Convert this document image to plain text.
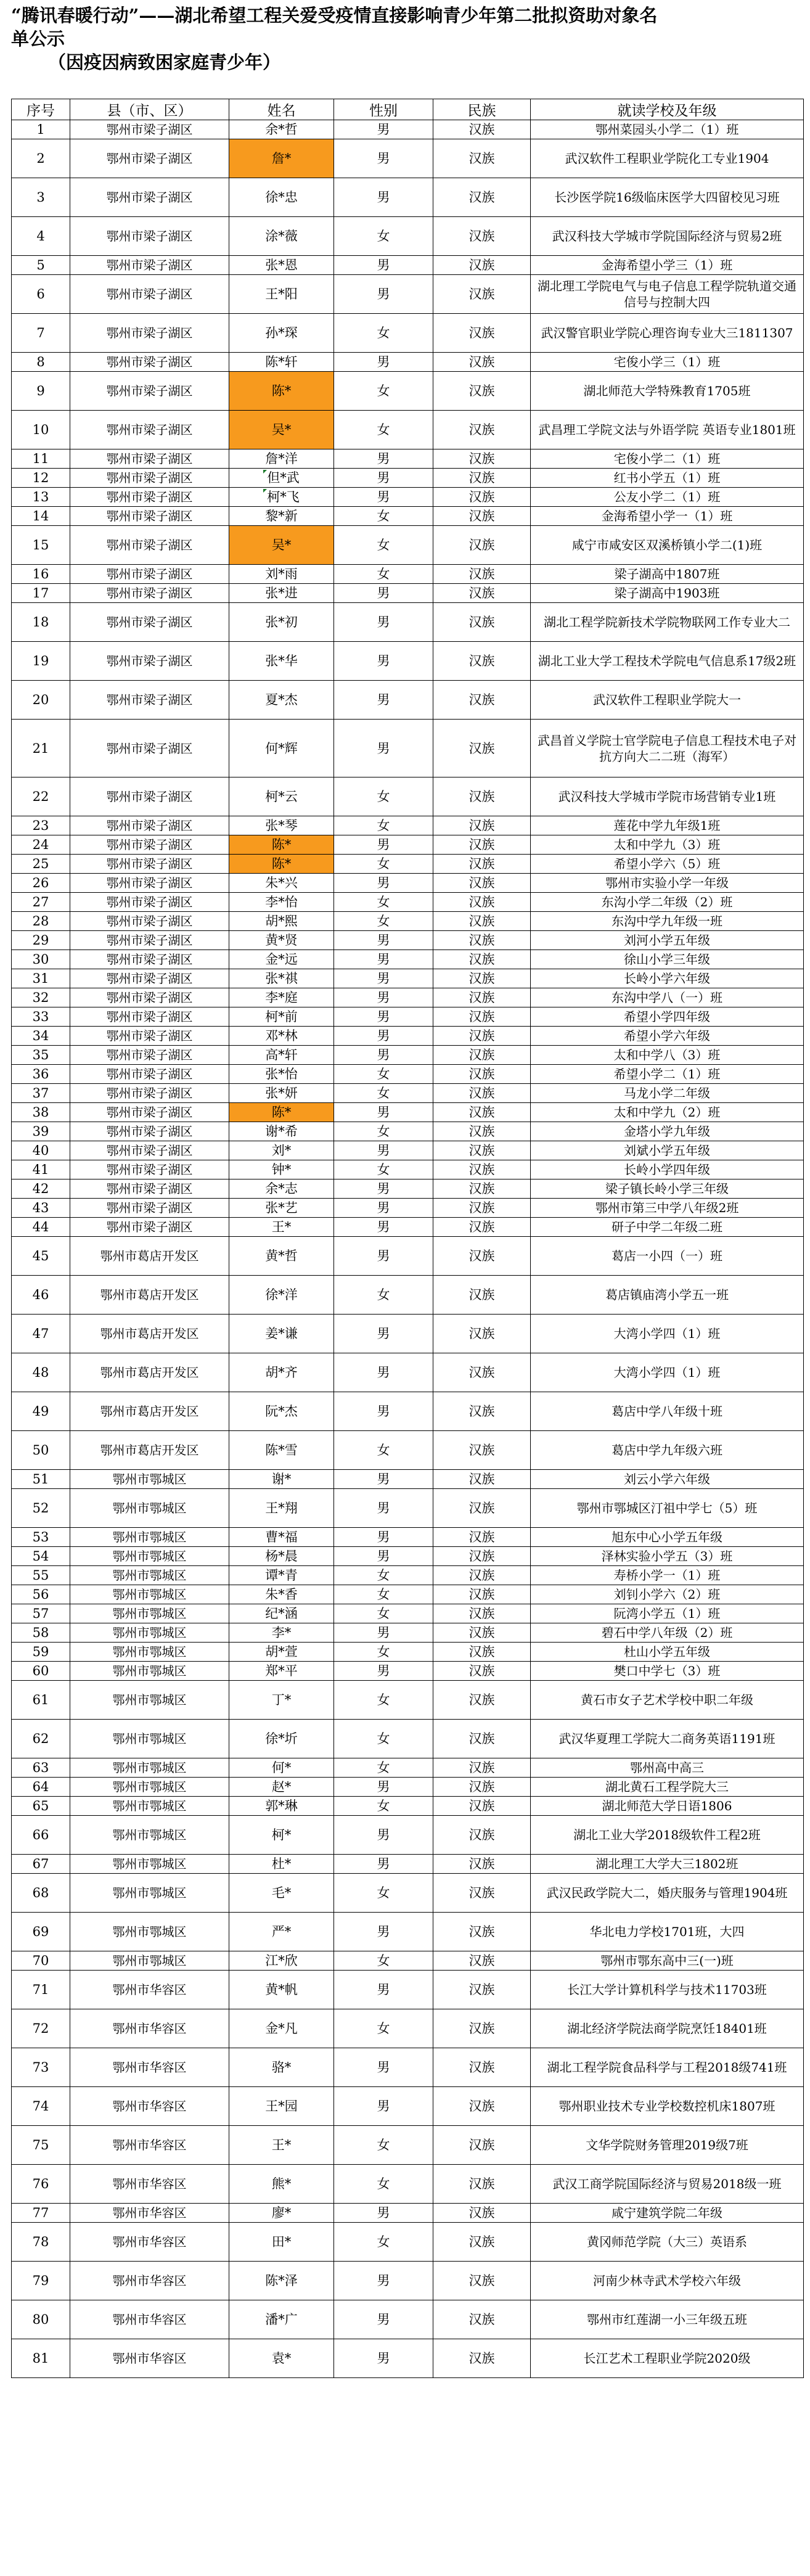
“腾讯春暖行动”——湖北希望工程关爱受疫情直接影响青少年第二批拟资助对象名
单公示
（因疫因病致困家庭青少年）
序号	县（市、区）	姓名	性别	民族	就读学校及年级
1	鄂州市梁子湖区	余*哲	男	汉族	鄂州菜园头小学二（1）班
2	鄂州市梁子湖区	詹*	男	汉族	武汉软件工程职业学院化工专业1904
3	鄂州市梁子湖区	徐*忠	男	汉族	长沙医学院16级临床医学大四留校见习班
4	鄂州市梁子湖区	涂*薇	女	汉族	武汉科技大学城市学院国际经济与贸易2班
5	鄂州市梁子湖区	张*恩	男	汉族	金海希望小学三（1）班
6	鄂州市梁子湖区	王*阳	男	汉族	湖北理工学院电气与电子信息工程学院轨道交通信号与控制大四
7	鄂州市梁子湖区	孙*琛	女	汉族	武汉警官职业学院心理咨询专业大三1811307
8	鄂州市梁子湖区	陈*轩	男	汉族	宅俊小学三（1）班
9	鄂州市梁子湖区	陈*	女	汉族	湖北师范大学特殊教育1705班
10	鄂州市梁子湖区	吴*	女	汉族	武昌理工学院文法与外语学院 英语专业1801班
11	鄂州市梁子湖区	詹*洋	男	汉族	宅俊小学二（1）班
12	鄂州市梁子湖区	但*武	男	汉族	红书小学五（1）班
13	鄂州市梁子湖区	柯*飞	男	汉族	公友小学二（1）班
14	鄂州市梁子湖区	黎*新	女	汉族	金海希望小学一（1）班
15	鄂州市梁子湖区	吴*	女	汉族	咸宁市咸安区双溪桥镇小学二(1)班
16	鄂州市梁子湖区	刘*雨	女	汉族	梁子湖高中1807班
17	鄂州市梁子湖区	张*进	男	汉族	梁子湖高中1903班
18	鄂州市梁子湖区	张*初	男	汉族	湖北工程学院新技术学院物联网工作专业大二
19	鄂州市梁子湖区	张*华	男	汉族	湖北工业大学工程技术学院电气信息系17级2班
20	鄂州市梁子湖区	夏*杰	男	汉族	武汉软件工程职业学院大一
21	鄂州市梁子湖区	何*辉	男	汉族	武昌首义学院士官学院电子信息工程技术电子对抗方向大二二班（海军）
22	鄂州市梁子湖区	柯*云	女	汉族	武汉科技大学城市学院市场营销专业1班
23	鄂州市梁子湖区	张*琴	女	汉族	莲花中学九年级1班
24	鄂州市梁子湖区	陈*	男	汉族	太和中学九（3）班
25	鄂州市梁子湖区	陈*	女	汉族	希望小学六（5）班
26	鄂州市梁子湖区	朱*兴	男	汉族	鄂州市实验小学一年级
27	鄂州市梁子湖区	李*怡	女	汉族	东沟小学二年级（2）班
28	鄂州市梁子湖区	胡*熙	女	汉族	东沟中学九年级一班
29	鄂州市梁子湖区	黄*贤	男	汉族	刘河小学五年级
30	鄂州市梁子湖区	金*远	男	汉族	徐山小学三年级
31	鄂州市梁子湖区	张*祺	男	汉族	长岭小学六年级
32	鄂州市梁子湖区	李*庭	男	汉族	东沟中学八（一）班
33	鄂州市梁子湖区	柯*前	男	汉族	希望小学四年级
34	鄂州市梁子湖区	邓*林	男	汉族	希望小学六年级
35	鄂州市梁子湖区	高*轩	男	汉族	太和中学八（3）班
36	鄂州市梁子湖区	张*怡	女	汉族	希望小学二（1）班
37	鄂州市梁子湖区	张*妍	女	汉族	马龙小学二年级
38	鄂州市梁子湖区	陈*	男	汉族	太和中学九（2）班
39	鄂州市梁子湖区	谢*希	女	汉族	金塔小学九年级
40	鄂州市梁子湖区	刘*	男	汉族	刘斌小学五年级
41	鄂州市梁子湖区	钟*	女	汉族	长岭小学四年级
42	鄂州市梁子湖区	余*志	男	汉族	梁子镇长岭小学三年级
43	鄂州市梁子湖区	张*艺	男	汉族	鄂州市第三中学八年级2班
44	鄂州市梁子湖区	王*	男	汉族	研子中学二年级二班
45	鄂州市葛店开发区	黄*哲	男	汉族	葛店一小四（一）班
46	鄂州市葛店开发区	徐*洋	女	汉族	葛店镇庙湾小学五一班
47	鄂州市葛店开发区	姜*谦	男	汉族	大湾小学四（1）班
48	鄂州市葛店开发区	胡*齐	男	汉族	大湾小学四（1）班
49	鄂州市葛店开发区	阮*杰	男	汉族	葛店中学八年级十班
50	鄂州市葛店开发区	陈*雪	女	汉族	葛店中学九年级六班
51	鄂州市鄂城区	谢*	男	汉族	刘云小学六年级
52	鄂州市鄂城区	王*翔	男	汉族	鄂州市鄂城区汀祖中学七（5）班
53	鄂州市鄂城区	曹*福	男	汉族	旭东中心小学五年级
54	鄂州市鄂城区	杨*晨	男	汉族	泽林实验小学五（3）班
55	鄂州市鄂城区	谭*青	女	汉族	寿桥小学一（1）班
56	鄂州市鄂城区	朱*香	女	汉族	刘钊小学六（2）班
57	鄂州市鄂城区	纪*涵	女	汉族	阮湾小学五（1）班
58	鄂州市鄂城区	李*	男	汉族	碧石中学八年级（2）班
59	鄂州市鄂城区	胡*萱	女	汉族	杜山小学五年级
60	鄂州市鄂城区	郑*平	男	汉族	樊口中学七（3）班
61	鄂州市鄂城区	丁*	女	汉族	黄石市女子艺术学校中职二年级
62	鄂州市鄂城区	徐*圻	女	汉族	武汉华夏理工学院大二商务英语1191班
63	鄂州市鄂城区	何*	女	汉族	鄂州高中高三
64	鄂州市鄂城区	赵*	男	汉族	湖北黄石工程学院大三
65	鄂州市鄂城区	郭*琳	女	汉族	湖北师范大学日语1806
66	鄂州市鄂城区	柯*	男	汉族	湖北工业大学2018级软件工程2班
67	鄂州市鄂城区	杜*	男	汉族	湖北理工大学大三1802班
68	鄂州市鄂城区	毛*	女	汉族	武汉民政学院大二，婚庆服务与管理1904班
69	鄂州市鄂城区	严*	男	汉族	华北电力学校1701班，大四
70	鄂州市鄂城区	江*欣	女	汉族	鄂州市鄂东高中三(一)班
71	鄂州市华容区	黄*帆	男	汉族	长江大学计算机科学与技术11703班
72	鄂州市华容区	金*凡	女	汉族	湖北经济学院法商学院烹饪18401班
73	鄂州市华容区	骆*	男	汉族	湖北工程学院食品科学与工程2018级741班
74	鄂州市华容区	王*园	男	汉族	鄂州职业技术专业学校数控机床1807班
75	鄂州市华容区	王*	女	汉族	文华学院财务管理2019级7班
76	鄂州市华容区	熊*	女	汉族	武汉工商学院国际经济与贸易2018级一班
77	鄂州市华容区	廖*	男	汉族	咸宁建筑学院二年级
78	鄂州市华容区	田*	女	汉族	黄冈师范学院（大三）英语系
79	鄂州市华容区	陈*泽	男	汉族	河南少林寺武术学校六年级
80	鄂州市华容区	潘*广	男	汉族	鄂州市红莲湖一小三年级五班
81	鄂州市华容区	袁*	男	汉族	长江艺术工程职业学院2020级
